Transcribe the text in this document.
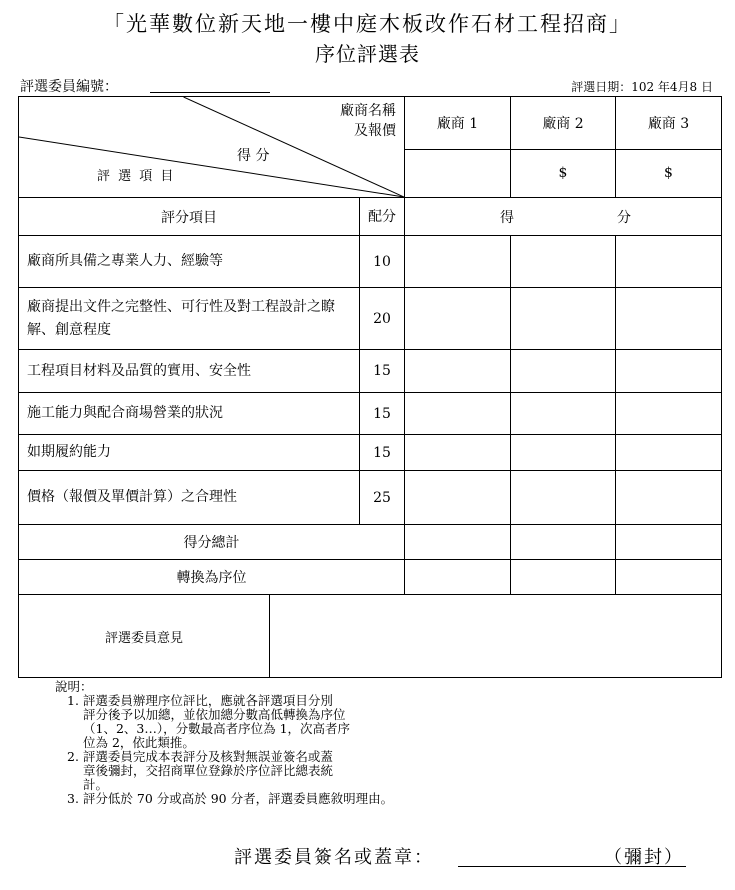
「光華數位新天地一樓中庭木板改作石材工程招商」
序位評選表
評選委員編號：	評選日期：102 年4月8 日
廠商名稱
及報價
得 分
評 選 項 目		廠商 1	廠商 2	廠商 3
			$	$
評分項目	配分	得 分		

廠商所具備之專業人力、經驗等	10			
廠商提出文件之完整性、可行性及對工程設計之瞭解、創意程度	20			
工程項目材料及品質的實用、安全性	15			
施工能力與配合商場營業的狀況	15			
如期履約能力	15			
價格（報價及單價計算）之合理性	25			
得分總計				
轉換為序位				

評選委員意見				
說明：
1. 評選委員辦理序位評比，應就各評選項目分別
評分後予以加總，並依加總分數高低轉換為序位
（1、2、3…），分數最高者序位為 1，次高者序
位為 2，依此類推。
2. 評選委員完成本表評分及核對無誤並簽名或蓋
章後彌封，交招商單位登錄於序位評比總表統
計。
3. 評分低於 70 分或高於 90 分者，評選委員應敘明理由。
評選委員簽名或蓋章：	（彌封）
